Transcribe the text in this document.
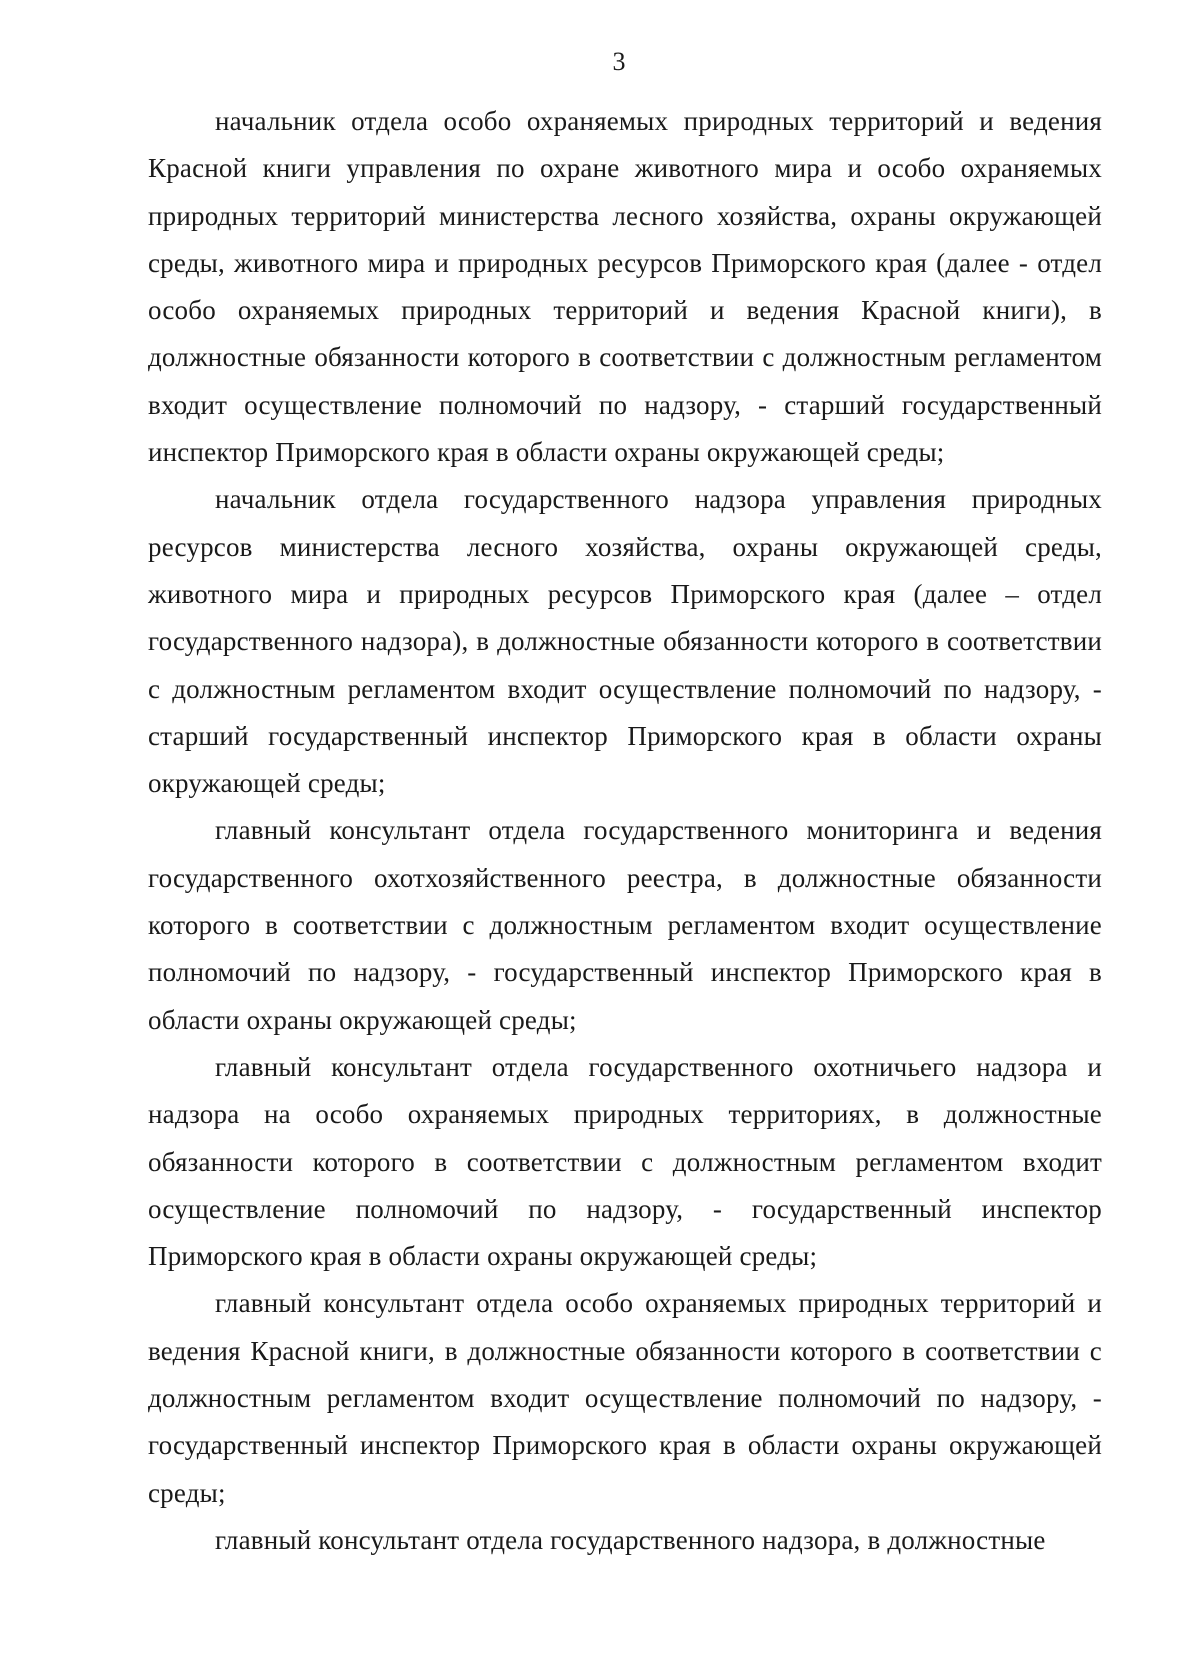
3

начальник отдела особо охраняемых природных территорий и ведения Красной книги управления по охране животного мира и особо охраняемых природных территорий министерства лесного хозяйства, охраны окружающей среды, животного мира и природных ресурсов Приморского края (далее - отдел особо охраняемых природных территорий и ведения Красной книги), в должностные обязанности которого в соответствии с должностным регламентом входит осуществление полномочий по надзору, - старший государственный инспектор Приморского края в области охраны окружающей среды;

начальник отдела государственного надзора управления природных ресурсов министерства лесного хозяйства, охраны окружающей среды, животного мира и природных ресурсов Приморского края (далее – отдел государственного надзора), в должностные обязанности которого в соответствии с должностным регламентом входит осуществление полномочий по надзору, - старший государственный инспектор Приморского края в области охраны окружающей среды;

главный консультант отдела государственного мониторинга и ведения государственного охотхозяйственного реестра, в должностные обязанности которого в соответствии с должностным регламентом входит осуществление полномочий по надзору, - государственный инспектор Приморского края в области охраны окружающей среды;

главный консультант отдела государственного охотничьего надзора и надзора на особо охраняемых природных территориях, в должностные обязанности которого в соответствии с должностным регламентом входит осуществление полномочий по надзору, - государственный инспектор Приморского края в области охраны окружающей среды;

главный консультант отдела особо охраняемых природных территорий и ведения Красной книги, в должностные обязанности которого в соответствии с должностным регламентом входит осуществление полномочий по надзору, - государственный инспектор Приморского края в области охраны окружающей среды;

главный консультант отдела государственного надзора, в должностные
